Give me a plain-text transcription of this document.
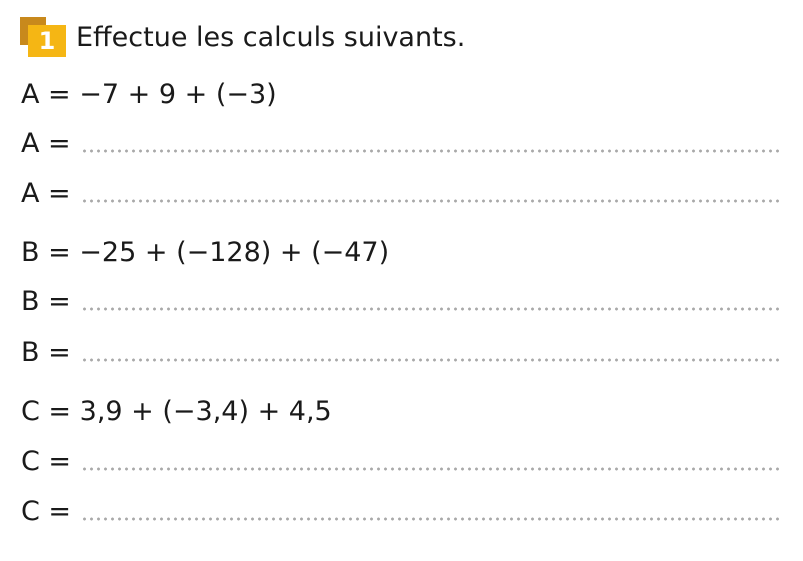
1 Effectue les calculs suivants.
A = −7 + 9 + (−3)
A =
A =
B = −25 + (−128) + (−47)
B =
B =
C = 3,9 + (−3,4) + 4,5
C =
C =
